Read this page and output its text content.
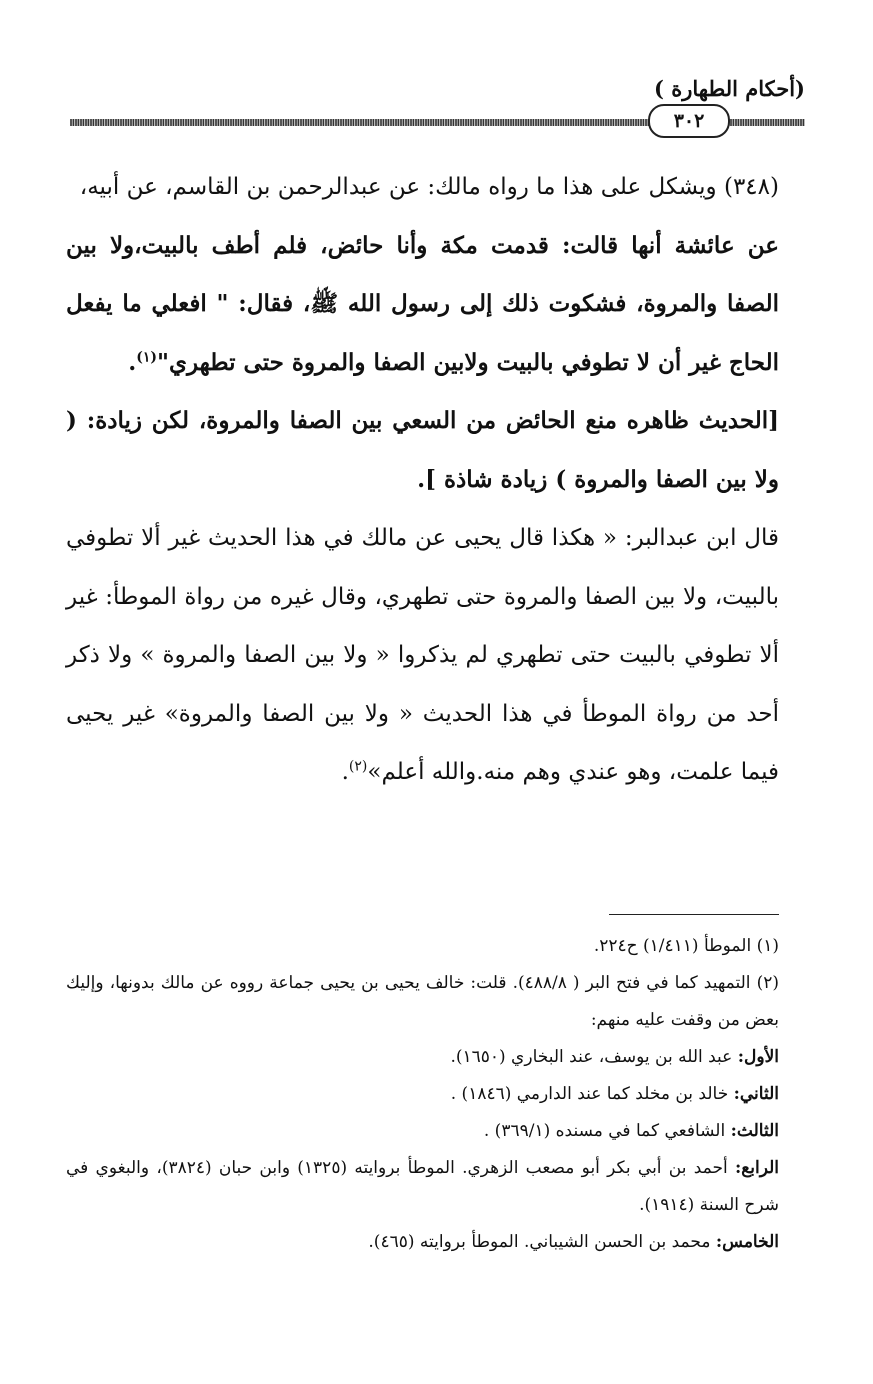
(أحكام الطهارة )
٣٠٢

(٣٤٨) ويشكل على هذا ما رواه مالك: عن عبدالرحمن بن القاسم، عن أبيه،

عن عائشة أنها قالت: قدمت مكة وأنا حائض، فلم أطف بالبيت،ولا بين الصفا والمروة، فشكوت ذلك إلى رسول الله ﷺ، فقال: " افعلي ما يفعل الحاج غير أن لا تطوفي بالبيت ولابين الصفا والمروة حتى تطهري"$^{(١)}$.

[الحديث ظاهره منع الحائض من السعي بين الصفا والمروة، لكن زيادة: ( ولا بين الصفا والمروة ) زيادة شاذة ].

قال ابن عبدالبر: « هكذا قال يحيى عن مالك في هذا الحديث غير ألا تطوفي بالبيت، ولا بين الصفا والمروة حتى تطهري، وقال غيره من رواة الموطأ: غير ألا تطوفي بالبيت حتى تطهري لم يذكروا « ولا بين الصفا والمروة » ولا ذكر أحد من رواة الموطأ في هذا الحديث « ولا بين الصفا والمروة» غير يحيى فيما علمت، وهو عندي وهم منه.والله أعلم»$^{(٢)}$.

(١) الموطأ (١/٤١١) ح٢٢٤.

(٢) التمهيد كما في فتح البر ( ٤٨٨/٨). قلت: خالف يحيى بن يحيى جماعة رووه عن مالك بدونها، وإليك بعض من وقفت عليه منهم:

الأول: عبد الله بن يوسف، عند البخاري (١٦٥٠).

الثاني: خالد بن مخلد كما عند الدارمي (١٨٤٦) .

الثالث: الشافعي كما في مسنده (٣٦٩/١) .

الرابع: أحمد بن أبي بكر أبو مصعب الزهري. الموطأ بروايته (١٣٢٥) وابن حبان (٣٨٢٤)، والبغوي في شرح السنة (١٩١٤).

الخامس: محمد بن الحسن الشيباني. الموطأ بروايته (٤٦٥).
